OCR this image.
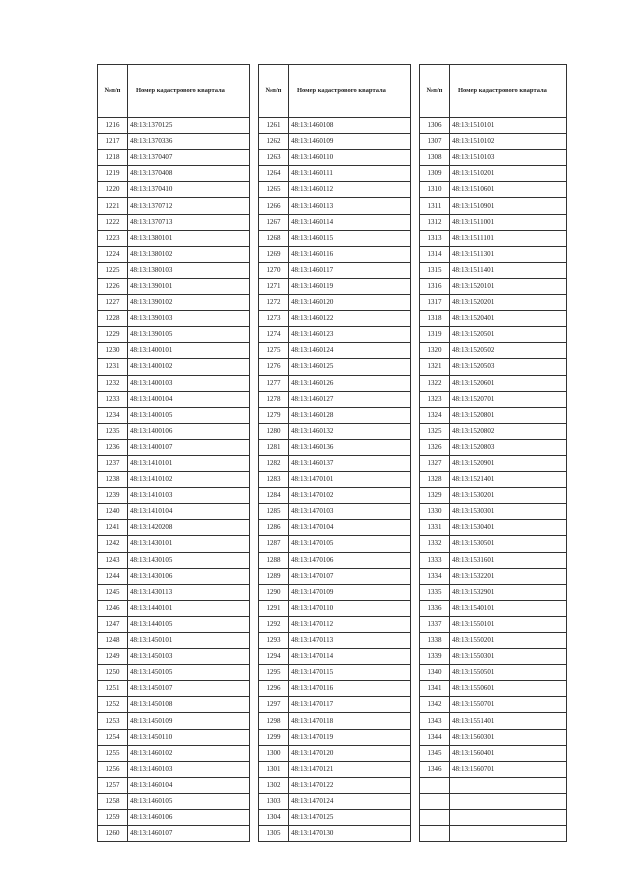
№п/п	Номер кадастрового квартала
1216	48:13:1370125
1217	48:13:1370336
1218	48:13:1370407
1219	48:13:1370408
1220	48:13:1370410
1221	48:13:1370712
1222	48:13:1370713
1223	48:13:1380101
1224	48:13:1380102
1225	48:13:1380103
1226	48:13:1390101
1227	48:13:1390102
1228	48:13:1390103
1229	48:13:1390105
1230	48:13:1400101
1231	48:13:1400102
1232	48:13:1400103
1233	48:13:1400104
1234	48:13:1400105
1235	48:13:1400106
1236	48:13:1400107
1237	48:13:1410101
1238	48:13:1410102
1239	48:13:1410103
1240	48:13:1410104
1241	48:13:1420208
1242	48:13:1430101
1243	48:13:1430105
1244	48:13:1430106
1245	48:13:1430113
1246	48:13:1440101
1247	48:13:1440105
1248	48:13:1450101
1249	48:13:1450103
1250	48:13:1450105
1251	48:13:1450107
1252	48:13:1450108
1253	48:13:1450109
1254	48:13:1450110
1255	48:13:1460102
1256	48:13:1460103
1257	48:13:1460104
1258	48:13:1460105
1259	48:13:1460106
1260	48:13:1460107
№п/п	Номер кадастрового квартала
1261	48:13:1460108
1262	48:13:1460109
1263	48:13:1460110
1264	48:13:1460111
1265	48:13:1460112
1266	48:13:1460113
1267	48:13:1460114
1268	48:13:1460115
1269	48:13:1460116
1270	48:13:1460117
1271	48:13:1460119
1272	48:13:1460120
1273	48:13:1460122
1274	48:13:1460123
1275	48:13:1460124
1276	48:13:1460125
1277	48:13:1460126
1278	48:13:1460127
1279	48:13:1460128
1280	48:13:1460132
1281	48:13:1460136
1282	48:13:1460137
1283	48:13:1470101
1284	48:13:1470102
1285	48:13:1470103
1286	48:13:1470104
1287	48:13:1470105
1288	48:13:1470106
1289	48:13:1470107
1290	48:13:1470109
1291	48:13:1470110
1292	48:13:1470112
1293	48:13:1470113
1294	48:13:1470114
1295	48:13:1470115
1296	48:13:1470116
1297	48:13:1470117
1298	48:13:1470118
1299	48:13:1470119
1300	48:13:1470120
1301	48:13:1470121
1302	48:13:1470122
1303	48:13:1470124
1304	48:13:1470125
1305	48:13:1470130
№п/п	Номер кадастрового квартала
1306	48:13:1510101
1307	48:13:1510102
1308	48:13:1510103
1309	48:13:1510201
1310	48:13:1510601
1311	48:13:1510901
1312	48:13:1511001
1313	48:13:1511101
1314	48:13:1511301
1315	48:13:1511401
1316	48:13:1520101
1317	48:13:1520201
1318	48:13:1520401
1319	48:13:1520501
1320	48:13:1520502
1321	48:13:1520503
1322	48:13:1520601
1323	48:13:1520701
1324	48:13:1520801
1325	48:13:1520802
1326	48:13:1520803
1327	48:13:1520901
1328	48:13:1521401
1329	48:13:1530201
1330	48:13:1530301
1331	48:13:1530401
1332	48:13:1530501
1333	48:13:1531601
1334	48:13:1532201
1335	48:13:1532901
1336	48:13:1540101
1337	48:13:1550101
1338	48:13:1550201
1339	48:13:1550301
1340	48:13:1550501
1341	48:13:1550601
1342	48:13:1550701
1343	48:13:1551401
1344	48:13:1560301
1345	48:13:1560401
1346	48:13:1560701
